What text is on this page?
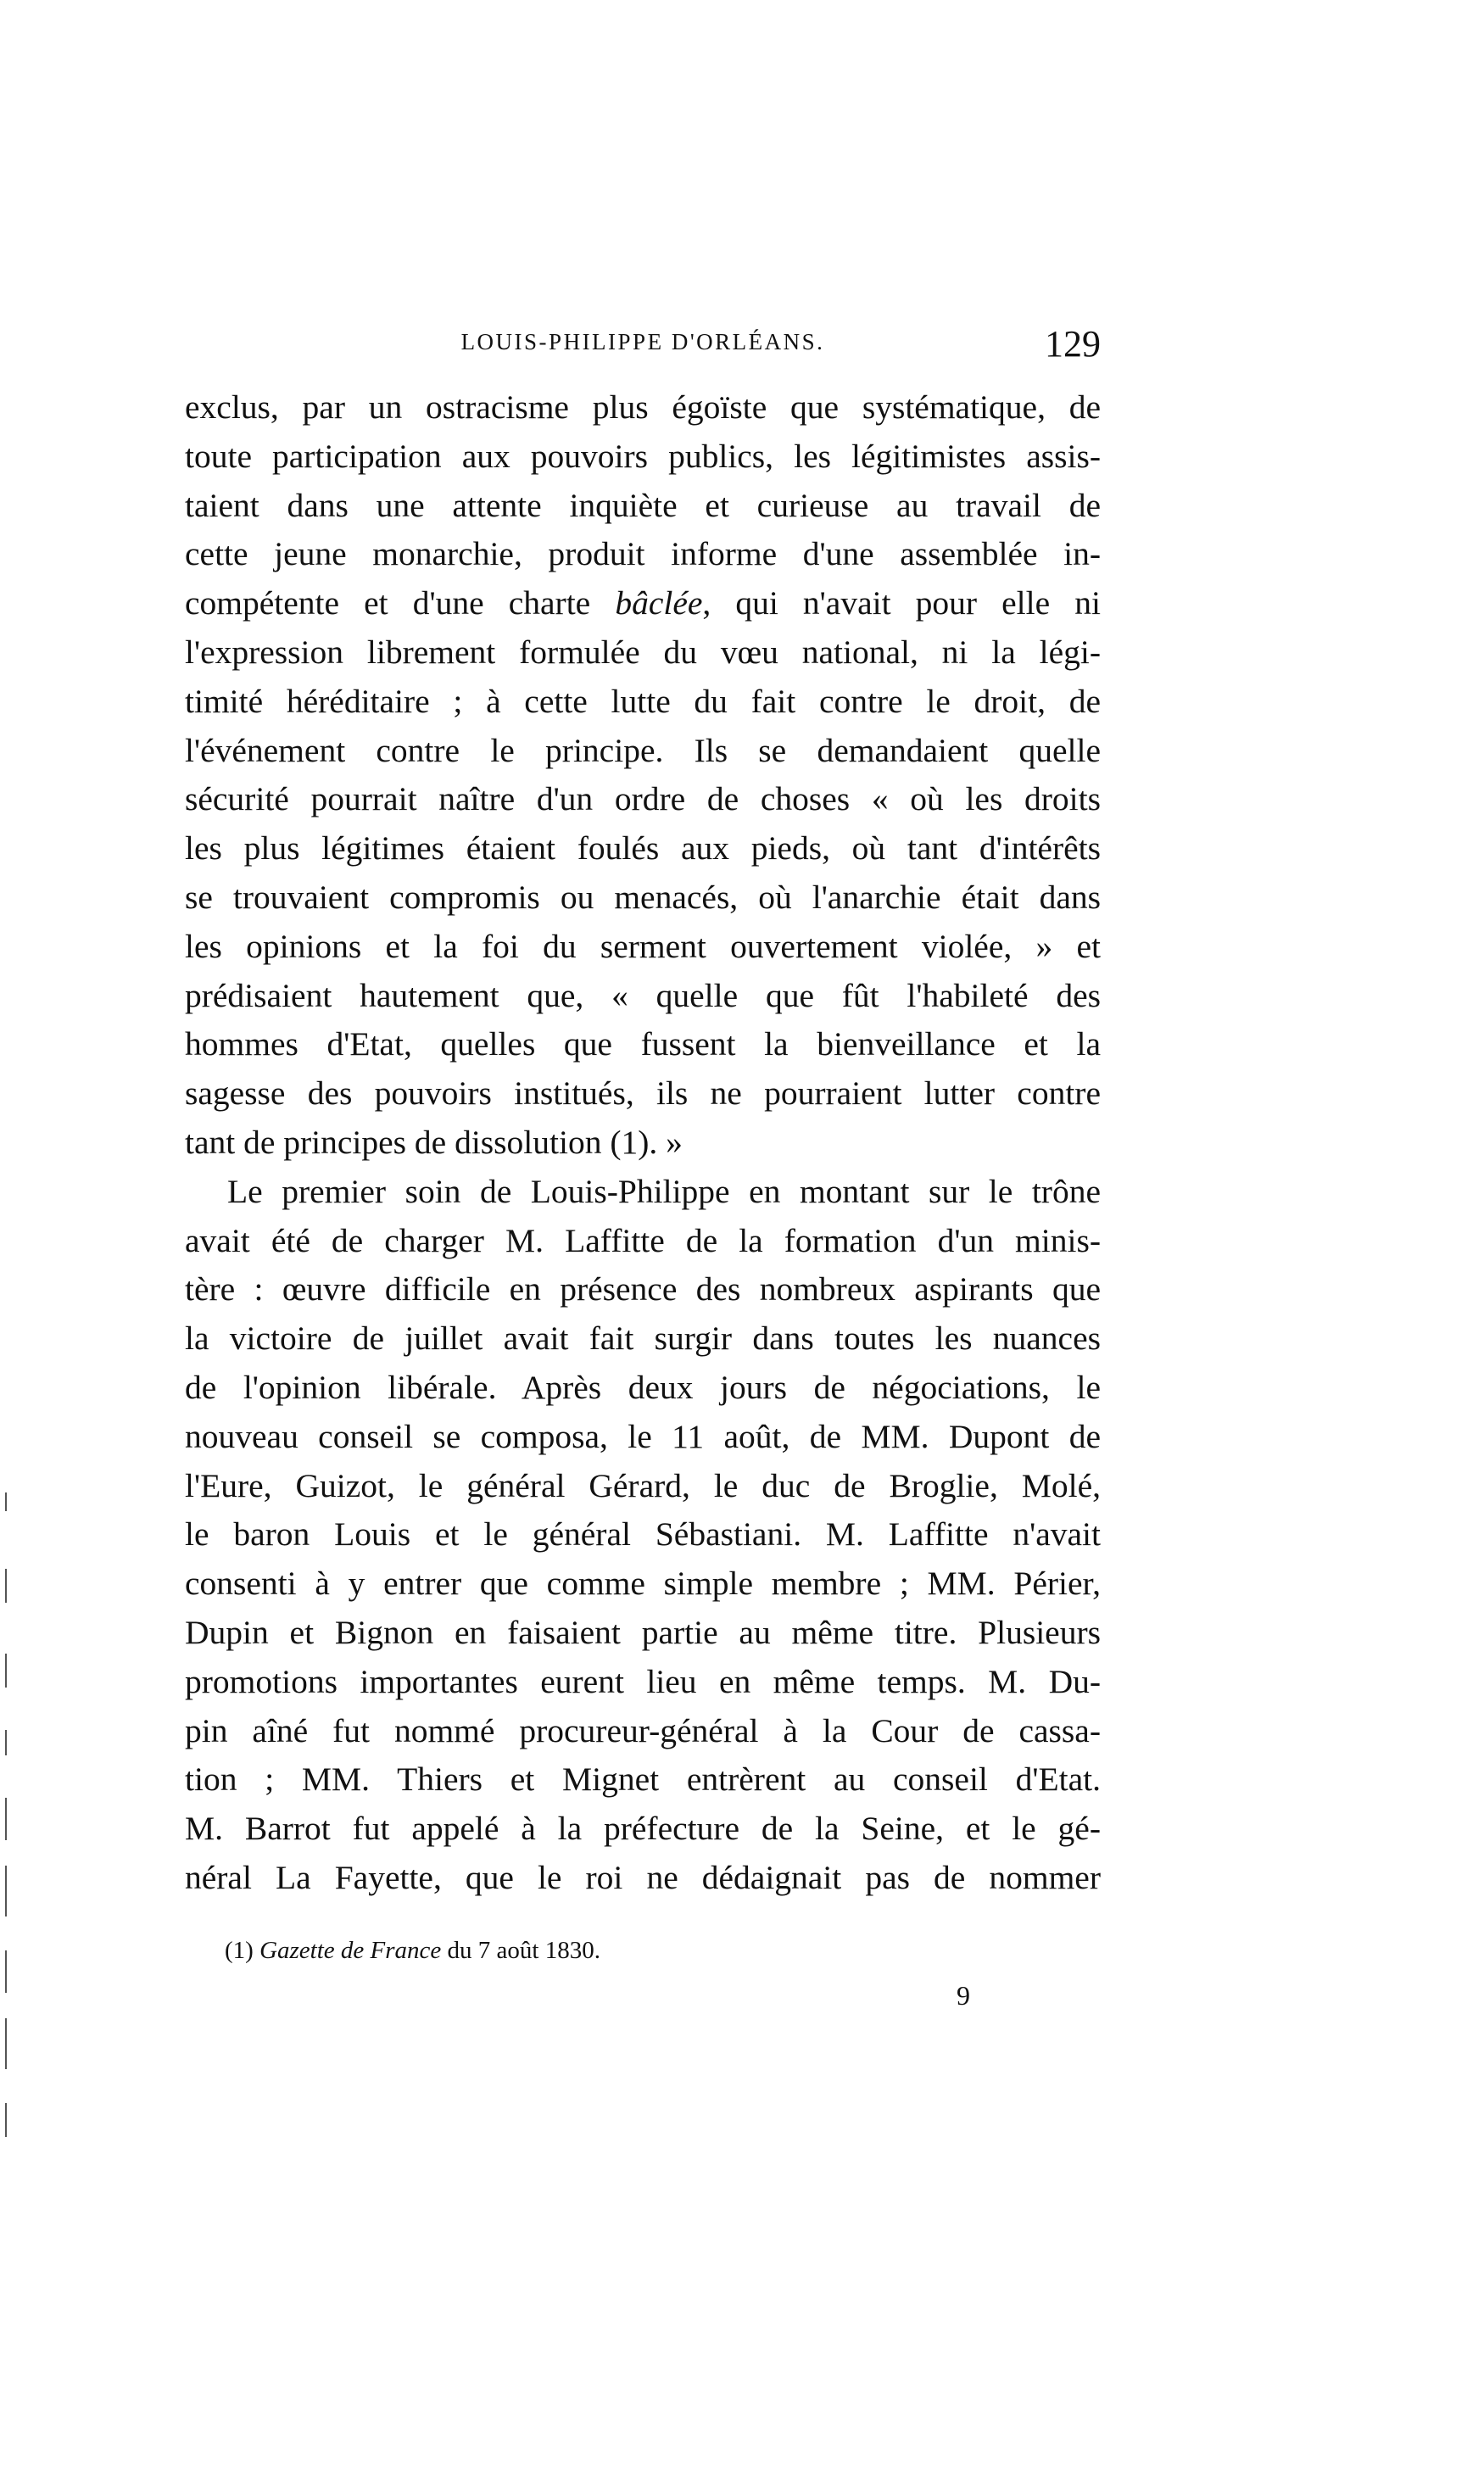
LOUIS-PHILIPPE D'ORLÉANS.	129
exclus, par un ostracisme plus égoïste que systématique, de
toute participation aux pouvoirs publics, les légitimistes assis-
taient dans une attente inquiète et curieuse au travail de
cette jeune monarchie, produit informe d'une assemblée in-
compétente et d'une charte bâclée, qui n'avait pour elle ni
l'expression librement formulée du vœu national, ni la légi-
timité héréditaire ; à cette lutte du fait contre le droit, de
l'événement contre le principe. Ils se demandaient quelle
sécurité pourrait naître d'un ordre de choses « où les droits
les plus légitimes étaient foulés aux pieds, où tant d'intérêts
se trouvaient compromis ou menacés, où l'anarchie était dans
les opinions et la foi du serment ouvertement violée, » et
prédisaient hautement que, « quelle que fût l'habileté des
hommes d'Etat, quelles que fussent la bienveillance et la
sagesse des pouvoirs institués, ils ne pourraient lutter contre
tant de principes de dissolution (1). »
Le premier soin de Louis-Philippe en montant sur le trône
avait été de charger M. Laffitte de la formation d'un minis-
tère : œuvre difficile en présence des nombreux aspirants que
la victoire de juillet avait fait surgir dans toutes les nuances
de l'opinion libérale. Après deux jours de négociations, le
nouveau conseil se composa, le 11 août, de MM. Dupont de
l'Eure, Guizot, le général Gérard, le duc de Broglie, Molé,
le baron Louis et le général Sébastiani. M. Laffitte n'avait
consenti à y entrer que comme simple membre ; MM. Périer,
Dupin et Bignon en faisaient partie au même titre. Plusieurs
promotions importantes eurent lieu en même temps. M. Du-
pin aîné fut nommé procureur-général à la Cour de cassa-
tion ; MM. Thiers et Mignet entrèrent au conseil d'Etat.
M. Barrot fut appelé à la préfecture de la Seine, et le gé-
néral La Fayette, que le roi ne dédaignait pas de nommer
(1) Gazette de France du 7 août 1830.
9
